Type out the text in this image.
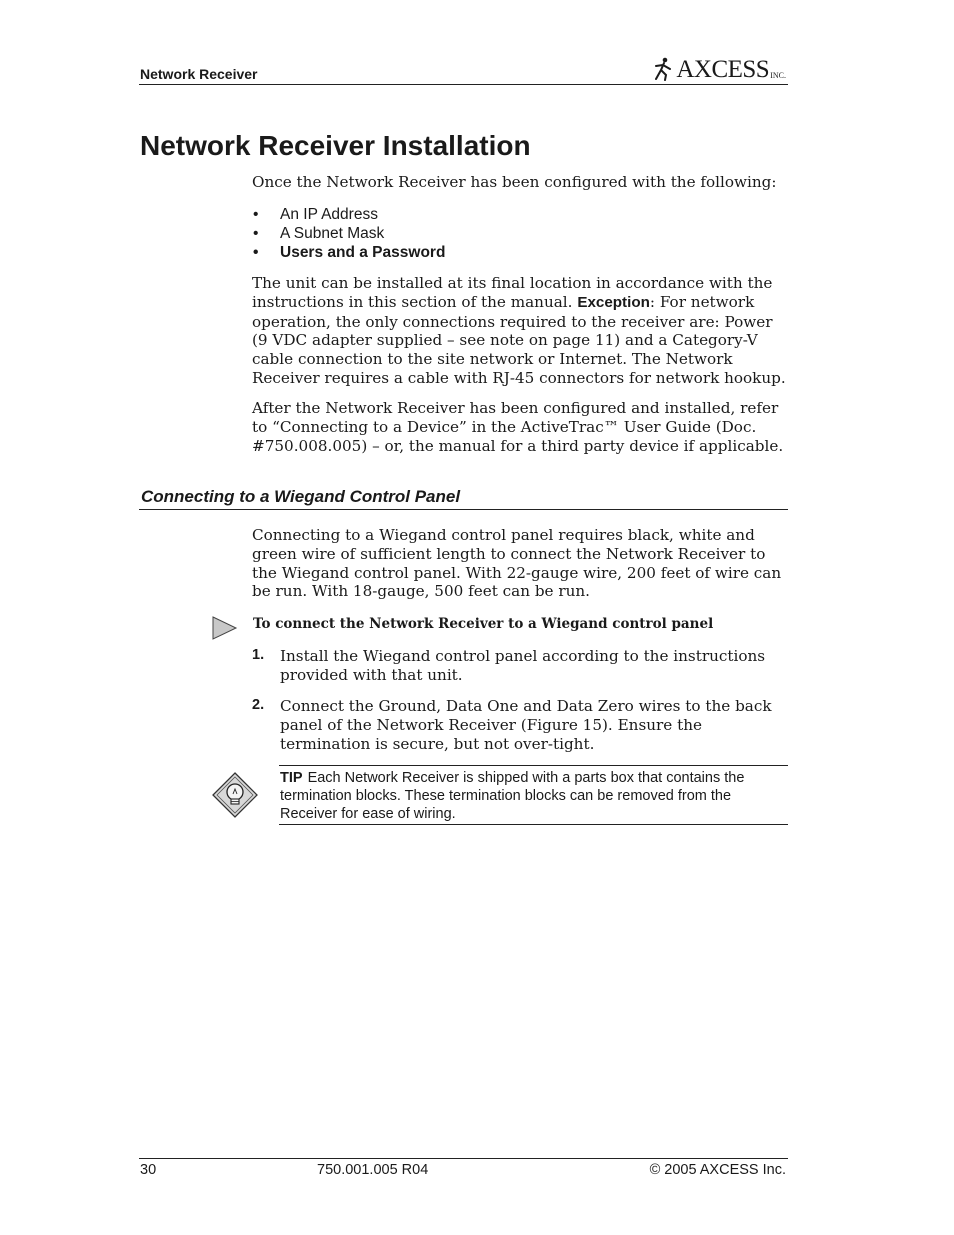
Network Receiver	AXCESS INC.
Network Receiver Installation

Once the Network Receiver has been configured with the following:

• An IP Address
• A Subnet Mask
• Users and a Password

The unit can be installed at its final location in accordance with the instructions in this section of the manual. Exception: For network operation, the only connections required to the receiver are: Power (9 VDC adapter supplied – see note on page 11) and a Category-V cable connection to the site network or Internet. The Network Receiver requires a cable with RJ-45 connectors for network hookup.

After the Network Receiver has been configured and installed, refer to “Connecting to a Device” in the ActiveTrac™ User Guide (Doc. #750.008.005) – or, the manual for a third party device if applicable.

Connecting to a Wiegand Control Panel

Connecting to a Wiegand control panel requires black, white and green wire of sufficient length to connect the Network Receiver to the Wiegand control panel. With 22-gauge wire, 200 feet of wire can be run. With 18-gauge, 500 feet can be run.

To connect the Network Receiver to a Wiegand control panel

1. Install the Wiegand control panel according to the instructions provided with that unit.

2. Connect the Ground, Data One and Data Zero wires to the back panel of the Network Receiver (Figure 15). Ensure the termination is secure, but not over-tight.

TIP Each Network Receiver is shipped with a parts box that contains the termination blocks. These termination blocks can be removed from the Receiver for ease of wiring.

30	750.001.005 R04	© 2005 AXCESS Inc.
